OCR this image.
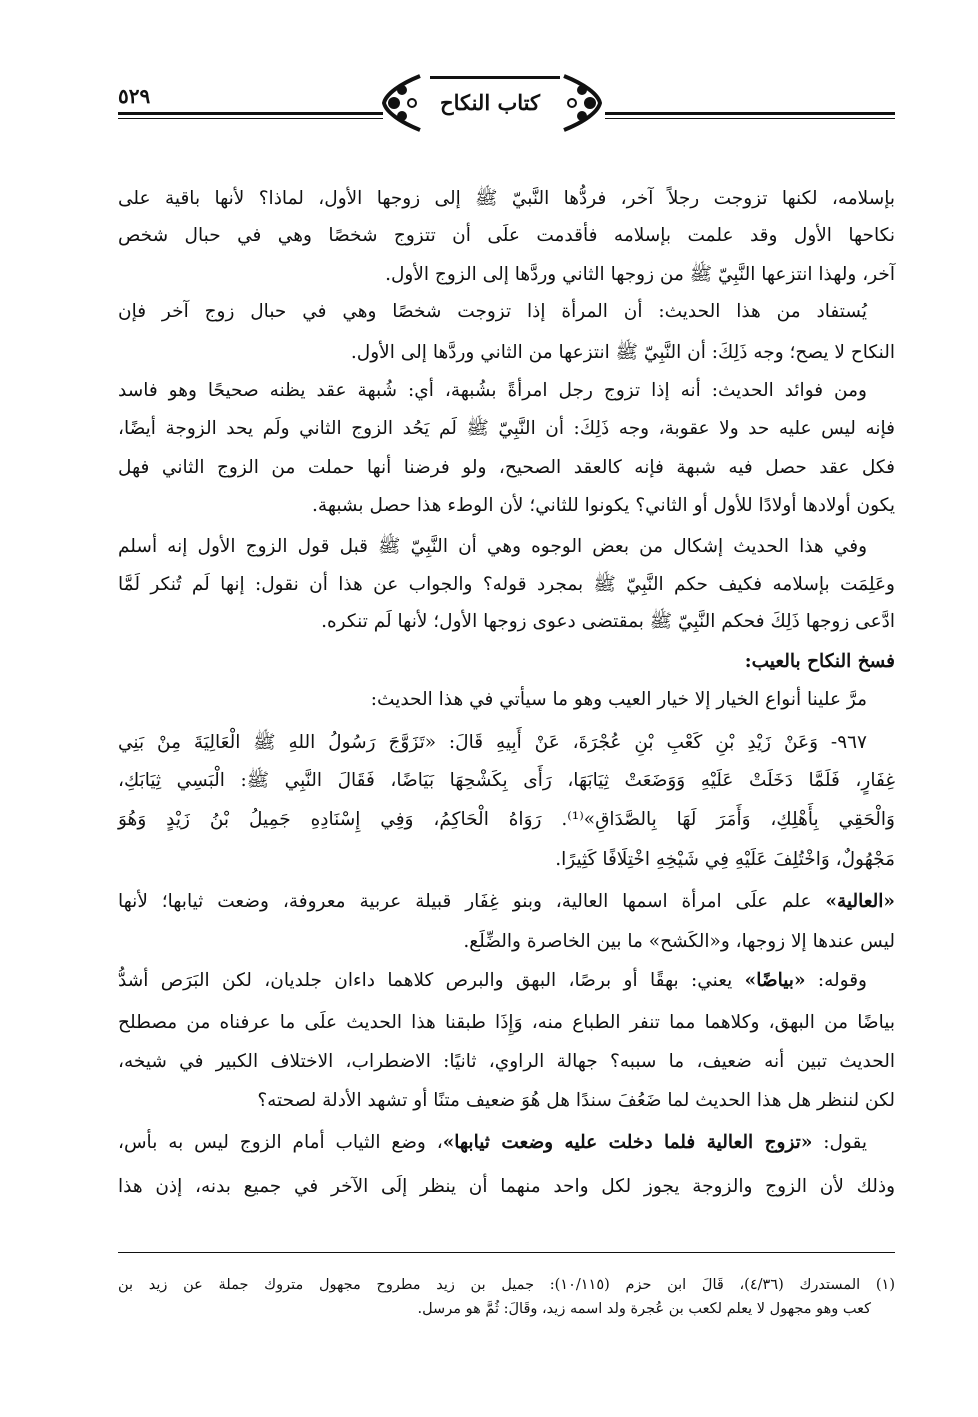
٥٢٩	كتاب النكاح
بإسلامه، لكنها تزوجت رجلاً آخر، فردُّها النَّبيّ ﷺ إلى زوجها الأول، لماذا؟ لأنها باقية على
نكاحها الأول وقد علمت بإسلامه فأقدمت علَى أن تتزوج شخصًا وهي في حبال شخص
آخر، ولهذا انتزعها النَّبِيّ ﷺ من زوجها الثاني وردَّها إلى الزوج الأول.
يُستفاد من هذا الحديث: أن المرأة إذا تزوجت شخصًا وهي في حبال زوج آخر فإن
النكاح لا يصح؛ وجه ذَلِكَ: أن النَّبِيّ ﷺ انتزعها من الثاني وردَّها إلى الأول.
ومن فوائد الحديث: أنه إذا تزوج رجل امرأةً بشُبهة، أي: شُبهة عقد يظنه صحيحًا وهو فاسد
فإنه ليس عليه حد ولا عقوبة، وجه ذَلِكَ: أن النَّبِيّ ﷺ لَم يَحُد الزوج الثاني ولَم يحد الزوجة أيضًا،
فكل عقد حصل فيه شبهة فإنه كالعقد الصحيح، ولو فرضنا أنها حملت من الزوج الثاني فهل
يكون أولادها أولادًا للأول أو الثاني؟ يكونوا للثاني؛ لأن الوطء هذا حصل بشبهة.
وفي هذا الحديث إشكال من بعض الوجوه وهي أن النَّبِيّ ﷺ قبل قول الزوج الأول إنه أسلم
وعَلِمَت بإسلامه فكيف حكم النَّبِيّ ﷺ بمجرد قوله؟ والجواب عن هذا أن نقول: إنها لَم تُنكر لَمَّا
ادَّعى زوجها ذَلِكَ فحكم النَّبِيّ ﷺ بمقتضى دعوى زوجها الأول؛ لأنها لَم تنكره.
فسخ النكاح بالعيب:
مرَّ علينا أنواع الخيار إلا خيار العيب وهو ما سيأتي في هذا الحديث:
٩٦٧- وَعَنْ زَيْدِ بْنِ كَعْبِ بْنِ عُجْرَةَ، عَنْ أَبِيهِ قَالَ: «تَزَوَّجَ رَسُولُ اللهِ ﷺ الْعَالِيَةَ مِنْ بَنِي
غِفَارٍ، فَلَمَّا دَخَلَتْ عَلَيْهِ وَوَضَعَتْ ثِيَابَهَا، رَأَى بِكَشْحِهَا بَيَاضًا، فَقَالَ النَّبِي ﷺ: الْبَسِي ثِيَابَكِ،
وَالْحَقِي بِأَهْلِكِ، وَأَمَرَ لَهَا بِالصَّدَاقِ»⁽¹⁾. رَوَاهُ الْحَاكِمُ، وَفِي إِسْنَادِهِ جَمِيلُ بْنُ زَيْدٍ وَهُوَ
مَجْهُولٌ، وَاخْتُلِفَ عَلَيْهِ فِي شَيْخِهِ اخْتِلَافًا كَثِيرًا.
«العالية» علم علَى امرأة اسمها العالية، وبنو غِفَار قبيلة عربية معروفة، وضعت ثيابها؛ لأنها
ليس عندها إلا زوجها، و«الكَشح» ما بين الخاصرة والضِّلَع.
وقوله: «بياضًا» يعني: بهقًا أو برصًا، البهق والبرص كلاهما داءان جلديان، لكن البَرَص أشدُّ
بياضًا من البهق، وكلاهما مما تنفر الطباع منه، وَإِذَا طبقنا هذا الحديث علَى ما عرفناه من مصطلح
الحديث تبين أنه ضعيف، ما سببه؟ جهالة الراوي، ثانيًا: الاضطراب، الاختلاف الكبير في شيخه،
لكن لننظر هل هذا الحديث لما ضَعُفَ سندًا هل هُوَ ضعيف متنًا أو تشهد الأدلة لصحته؟
يقول: «تزوج العالية فلما دخلت عليه وضعت ثيابها»، وضع الثياب أمام الزوج ليس به بأس،
وذلك لأن الزوج والزوجة يجوز لكل واحد منهما أن ينظر إلَى الآخر في جميع بدنه، إذن هذا
(١) المستدرك (٤/٣٦)، قَالَ ابن حزم (١٠/١١٥): جميل بن زيد مطروح مجهول متروك جملة عن زيد بن
كعب وهو مجهول لا يعلم لكعب بن عُجرة ولد اسمه زيد، وقَالَ: ثُمَّ هو مرسل.
